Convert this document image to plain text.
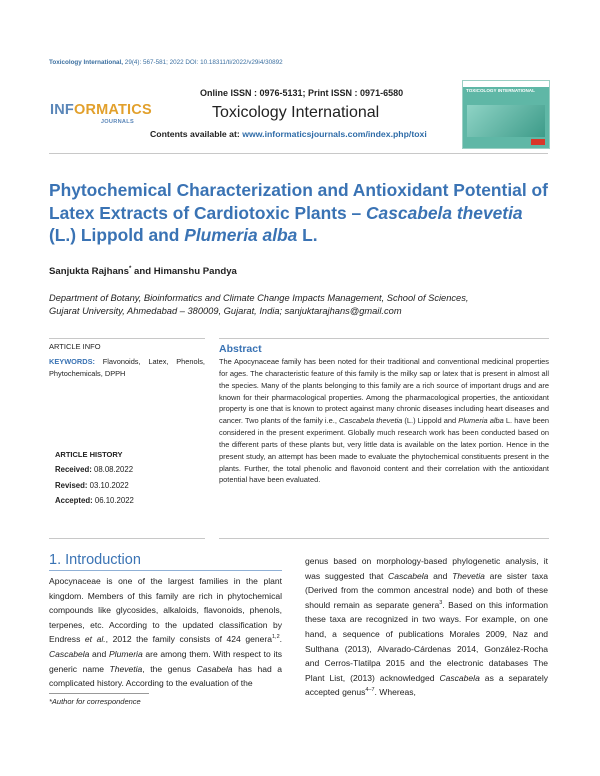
Toxicology International, 29(4): 567-581; 2022 DOI: 10.18311/ti/2022/v29i4/30892
INFORMATICS
JOURNALS
Online ISSN : 0976-5131; Print ISSN : 0971-6580
Toxicology International
Contents available at: www.informaticsjournals.com/index.php/toxi
TOXICOLOGY INTERNATIONAL
Phytochemical Characterization and Antioxidant Potential of Latex Extracts of Cardiotoxic Plants – Cascabela thevetia (L.) Lippold and Plumeria alba L.
Sanjukta Rajhans* and Himanshu Pandya
Department of Botany, Bioinformatics and Climate Change Impacts Management, School of Sciences,
Gujarat University, Ahmedabad – 380009, Gujarat, India; sanjuktarajhans@gmail.com
ARTICLE INFO
KEYWORDS: Flavonoids, Latex, Phenols, Phytochemicals, DPPH
ARTICLE HISTORY
Received: 08.08.2022
Revised: 03.10.2022
Accepted: 06.10.2022
Abstract
The Apocynaceae family has been noted for their traditional and conventional medicinal properties for ages. The characteristic feature of this family is the milky sap or latex that is present in almost all the species. Many of the plants belonging to this family are a rich source of important drugs and are known for their pharmacological properties. Among the pharmacological properties, the antioxidant property is one that is known to protect against many chronic diseases including heart diseases and cancer. Two plants of the family i.e., Cascabela thevetia (L.) Lippold and Plumeria alba L. have been considered in the present experiment. Globally much research work has been conducted based on the different parts of these plants but, very little data is available on the latex portion. Hence in the present study, an attempt has been made to evaluate the phytochemical constituents present in the plants. Further, the total phenolic and flavonoid content and their correlation with the antioxidant potential have been evaluated.
1. Introduction
Apocynaceae is one of the largest families in the plant kingdom. Members of this family are rich in phytochemical compounds like glycosides, alkaloids, flavonoids, phenols, terpenes, etc. According to the updated classification by Endress et al., 2012 the family consists of 424 genera$^{1,2}$. Cascabela and Plumeria are among them. With respect to its generic name Thevetia, the genus Casabela has had a complicated history. According to the evaluation of the
genus based on morphology-based phylogenetic analysis, it was suggested that Cascabela and Thevetia are sister taxa (Derived from the common ancestral node) and both of these should remain as separate genera$^3$. Based on this information these taxa are recognized in two ways. For example, on one hand, a sequence of publications Morales 2009, Naz and Sulthana (2013), Alvarado-Cárdenas 2014, González-Rocha and Cerros-Tlatilpa 2015 and the electronic databases The Plant List, (2013) acknowledged Cascabela as a separately accepted genus$^{4-7}$. Whereas,
*Author for correspondence
